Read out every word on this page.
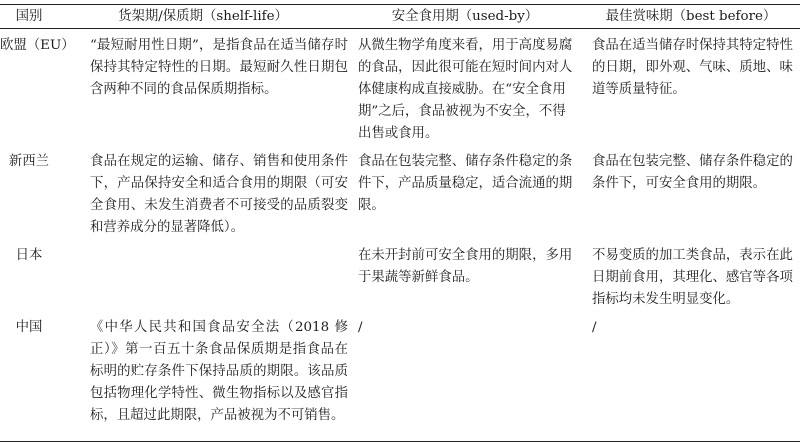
国别	货架期/保质期（shelf-life）	安全食用期（used-by）	最佳赏味期（best before）
欧盟（EU）	“最短耐用性日期”，是指食品在适当储存时保持其特定特性的日期。最短耐久性日期包含两种不同的食品保质期指标。	从微生物学角度来看，用于高度易腐的食品，因此很可能在短时间内对人体健康构成直接威胁。在“安全食用期”之后，食品被视为不安全，不得出售或食用。	食品在适当储存时保持其特定特性的日期，即外观、气味、质地、味道等质量特征。
新西兰	食品在规定的运输、储存、销售和使用条件下，产品保持安全和适合食用的期限（可安全食用、未发生消费者不可接受的品质裂变和营养成分的显著降低）。	食品在包装完整、储存条件稳定的条件下，产品质量稳定，适合流通的期限。	食品在包装完整、储存条件稳定的条件下，可安全食用的期限。
日本		在未开封前可安全食用的期限，多用于果蔬等新鲜食品。	不易变质的加工类食品，表示在此日期前食用，其理化、感官等各项指标均未发生明显变化。
中国	《中华人民共和国食品安全法（2018 修正）》第一百五十条食品保质期是指食品在标明的贮存条件下保持品质的期限。该品质包括物理化学特性、微生物指标以及感官指标，且超过此期限，产品被视为不可销售。	/	/
